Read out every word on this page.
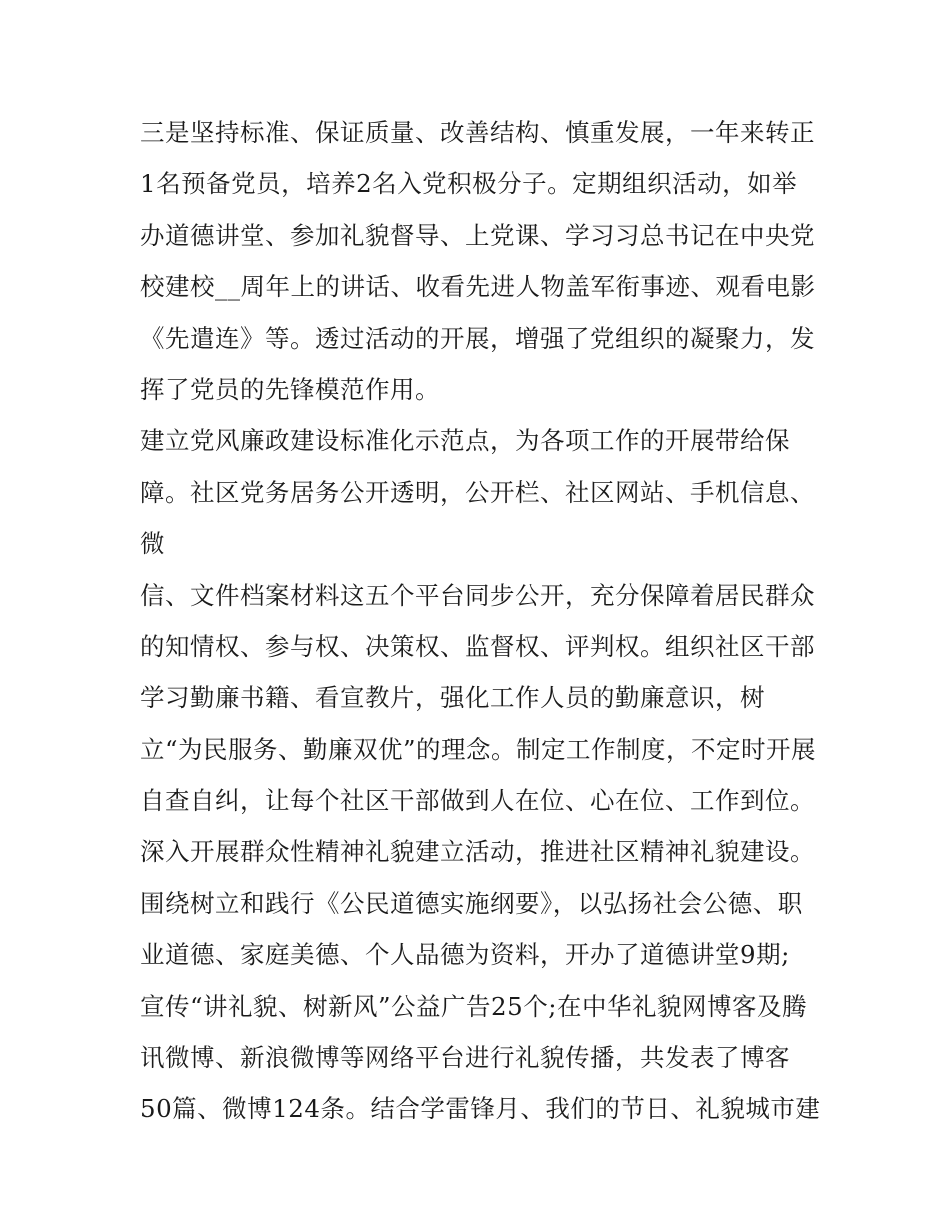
三是坚持标准、保证质量、改善结构、慎重发展，一年来转正
1名预备党员，培养2名入党积极分子。定期组织活动，如举
办道德讲堂、参加礼貌督导、上党课、学习习总书记在中央党
校建校__周年上的讲话、收看先进人物盖军衔事迹、观看电影
《先遣连》等。透过活动的开展，增强了党组织的凝聚力，发
挥了党员的先锋模范作用。
建立党风廉政建设标准化示范点，为各项工作的开展带给保
障。社区党务居务公开透明，公开栏、社区网站、手机信息、
微
信、文件档案材料这五个平台同步公开，充分保障着居民群众
的知情权、参与权、决策权、监督权、评判权。组织社区干部
学习勤廉书籍、看宣教片，强化工作人员的勤廉意识，树
立“为民服务、勤廉双优”的理念。制定工作制度，不定时开展
自查自纠，让每个社区干部做到人在位、心在位、工作到位。
深入开展群众性精神礼貌建立活动，推进社区精神礼貌建设。
围绕树立和践行《公民道德实施纲要》，以弘扬社会公德、职
业道德、家庭美德、个人品德为资料，开办了道德讲堂9期;
宣传“讲礼貌、树新风”公益广告25个;在中华礼貌网博客及腾
讯微博、新浪微博等网络平台进行礼貌传播，共发表了博客
50篇、微博124条。结合学雷锋月、我们的节日、礼貌城市建
